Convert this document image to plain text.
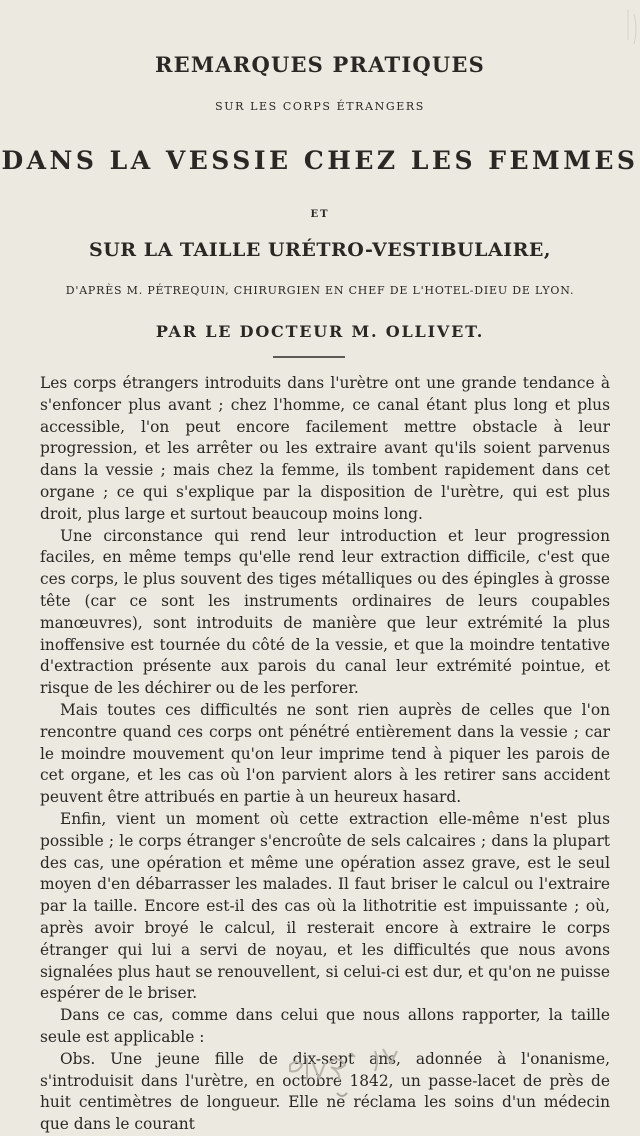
REMARQUES PRATIQUES
SUR LES CORPS ÉTRANGERS
DANS LA VESSIE CHEZ LES FEMMES
ET
SUR LA TAILLE URÉTRO-VESTIBULAIRE,
D'APRÈS M. PÉTREQUIN, CHIRURGIEN EN CHEF DE L'HOTEL-DIEU DE LYON.
PAR LE DOCTEUR M. OLLIVET.

Les corps étrangers introduits dans l'urètre ont une grande tendance à s'enfoncer plus avant ; chez l'homme, ce canal étant plus long et plus accessible, l'on peut encore facilement mettre obstacle à leur progression, et les arrêter ou les extraire avant qu'ils soient parvenus dans la vessie ; mais chez la femme, ils tombent rapidement dans cet organe ; ce qui s'explique par la disposition de l'urètre, qui est plus droit, plus large et surtout beaucoup moins long.

Une circonstance qui rend leur introduction et leur progression faciles, en même temps qu'elle rend leur extraction difficile, c'est que ces corps, le plus souvent des tiges métalliques ou des épingles à grosse tête (car ce sont les instruments ordinaires de leurs coupables manœuvres), sont introduits de manière que leur extrémité la plus inoffensive est tournée du côté de la vessie, et que la moindre tentative d'extraction présente aux parois du canal leur extrémité pointue, et risque de les déchirer ou de les perforer.

Mais toutes ces difficultés ne sont rien auprès de celles que l'on rencontre quand ces corps ont pénétré entièrement dans la vessie ; car le moindre mouvement qu'on leur imprime tend à piquer les parois de cet organe, et les cas où l'on parvient alors à les retirer sans accident peuvent être attribués en partie à un heureux hasard.

Enfin, vient un moment où cette extraction elle-même n'est plus possible ; le corps étranger s'encroûte de sels calcaires ; dans la plupart des cas, une opération et même une opération assez grave, est le seul moyen d'en débarrasser les malades. Il faut briser le calcul ou l'extraire par la taille. Encore est-il des cas où la lithotritie est impuissante ; où, après avoir broyé le calcul, il resterait encore à extraire le corps étranger qui lui a servi de noyau, et les difficultés que nous avons signalées plus haut se renouvellent, si celui-ci est dur, et qu'on ne puisse espérer de le briser.

Dans ce cas, comme dans celui que nous allons rapporter, la taille seule est applicable :

Obs. Une jeune fille de dix-sept ans, adonnée à l'onanisme, s'introduisit dans l'urètre, en octobre 1842, un passe-lacet de près de huit centimètres de longueur. Elle ne réclama les soins d'un médecin que dans le courant
